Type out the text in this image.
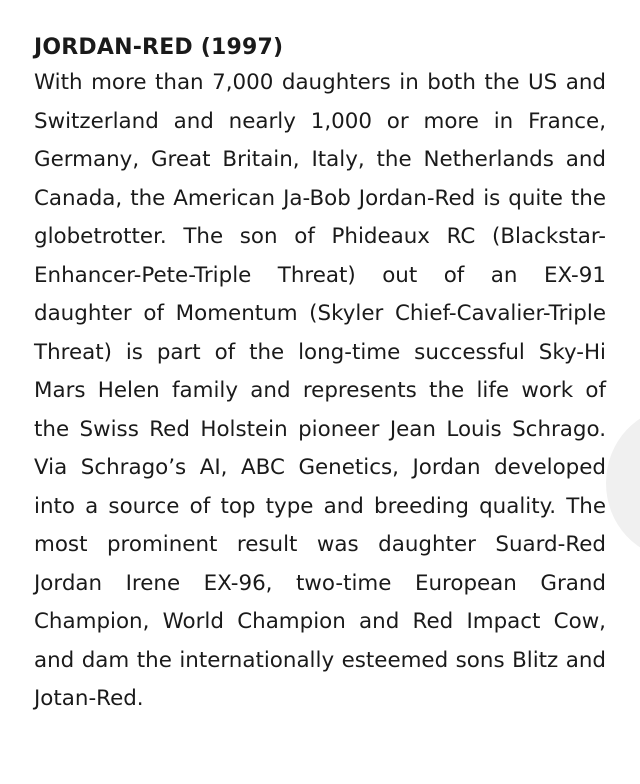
JORDAN-RED (1997)

With more than 7,000 daughters in both the US and Switzerland and nearly 1,000 or more in France, Germany, Great Britain, Italy, the Netherlands and Canada, the American Ja-Bob Jordan-Red is quite the globetrotter. The son of Phideaux RC (Blackstar-Enhancer-Pete-Triple Threat) out of an EX-91 daughter of Momentum (Skyler Chief-Cavalier-Triple Threat) is part of the long-time successful Sky-Hi Mars Helen family and represents the life work of the Swiss Red Holstein pioneer Jean Louis Schrago. Via Schrago’s AI, ABC Genetics, Jordan developed into a source of top type and breeding quality. The most prominent result was daughter Suard-Red Jordan Irene EX-96, two-time European Grand Champion, World Champion and Red Impact Cow, and dam the internationally esteemed sons Blitz and Jotan-Red.
